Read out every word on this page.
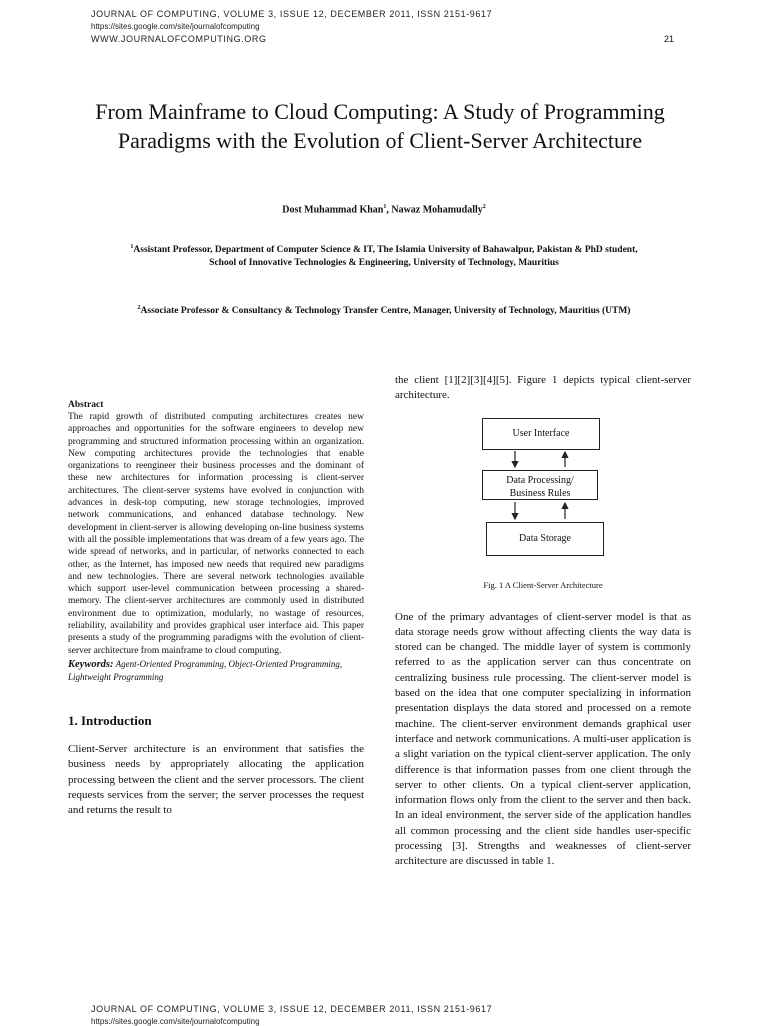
JOURNAL OF COMPUTING, VOLUME 3, ISSUE 12, DECEMBER 2011, ISSN 2151-9617
https://sites.google.com/site/journalofcomputing
WWW.JOURNALOFCOMPUTING.ORG	21
From Mainframe to Cloud Computing: A Study of Programming Paradigms with the Evolution of Client-Server Architecture
Dost Muhammad Khan$^1$, Nawaz Mohamudally$^2$
$^1$Assistant Professor, Department of Computer Science & IT, The Islamia University of Bahawalpur, Pakistan & PhD student,
School of Innovative Technologies & Engineering, University of Technology, Mauritius
$^2$Associate Professor & Consultancy & Technology Transfer Centre, Manager, University of Technology, Mauritius (UTM)
Abstract

The rapid growth of distributed computing architectures creates new approaches and opportunities for the software engineers to develop new programming and structured information processing within an organization. New computing architectures provide the technologies that enable organizations to reengineer their business processes and the dominant of these new architectures for information processing is client-server architectures. The client-server systems have evolved in conjunction with advances in desk-top computing, new storage technologies, improved network communications, and enhanced database technology. New development in client-server is allowing developing on-line business systems with all the possible implementations that was dream of a few years ago. The wide spread of networks, and in particular, of networks connected to each other, as the Internet, has imposed new needs that required new paradigms and new technologies. There are several network technologies available which support user-level communication between processing a shared-memory. The client-server architectures are commonly used in distributed environment due to optimization, modularly, no wastage of resources, reliability, availability and provides graphical user interface aid. This paper presents a study of the programming paradigms with the evolution of client-server architecture from mainframe to cloud computing.

Keywords: Agent-Oriented Programming, Object-Oriented Programming, Lightweight Programming

1. Introduction

Client-Server architecture is an environment that satisfies the business needs by appropriately allocating the application processing between the client and the server processors. The client requests services from the server; the server processes the request and returns the result to

the client [1][2][3][4][5]. Figure 1 depicts typical client-server architecture.

User Interface
Data Processing/
Business Rules
Data Storage
Fig. 1 A Client-Server Architecture

One of the primary advantages of client-server model is that as data storage needs grow without affecting clients the way data is stored can be changed. The middle layer of system is commonly referred to as the application server can thus concentrate on centralizing business rule processing. The client-server model is based on the idea that one computer specializing in information presentation displays the data stored and processed on a remote machine. The client-server environment demands graphical user interface and network communications. A multi-user application is a slight variation on the typical client-server application. The only difference is that information passes from one client through the server to other clients. On a typical client-server application, information flows only from the client to the server and then back. In an ideal environment, the server side of the application handles all common processing and the client side handles user-specific processing [3]. Strengths and weaknesses of client-server architecture are discussed in table 1.

JOURNAL OF COMPUTING, VOLUME 3, ISSUE 12, DECEMBER 2011, ISSN 2151-9617
https://sites.google.com/site/journalofcomputing
